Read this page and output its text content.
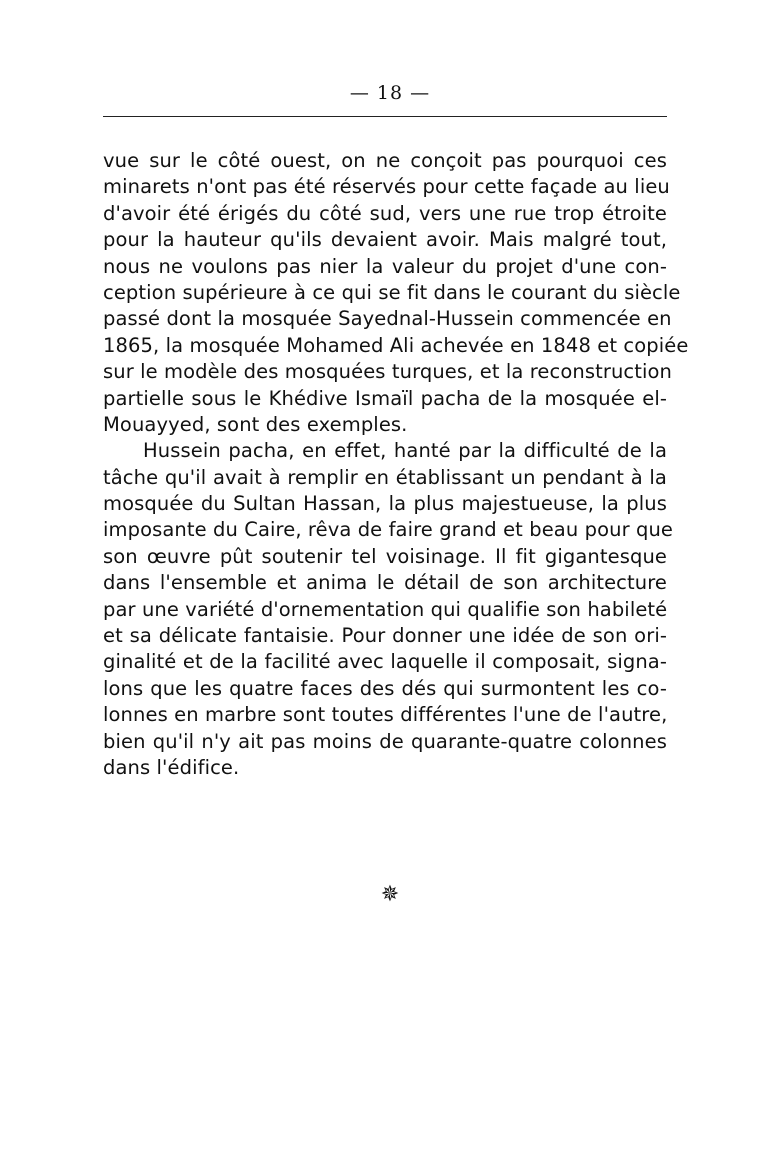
— 18 —

vue sur le côté ouest, on ne conçoit pas pourquoi ces
minarets n'ont pas été réservés pour cette façade au lieu
d'avoir été érigés du côté sud, vers une rue trop étroite
pour la hauteur qu'ils devaient avoir. Mais malgré tout,
nous ne voulons pas nier la valeur du projet d'une con-
ception supérieure à ce qui se fit dans le courant du siècle
passé dont la mosquée Sayednal-Hussein commencée en
1865, la mosquée Mohamed Ali achevée en 1848 et copiée
sur le modèle des mosquées turques, et la reconstruction
partielle sous le Khédive Ismaïl pacha de la mosquée el-
Mouayyed, sont des exemples.

Hussein pacha, en effet, hanté par la difficulté de la
tâche qu'il avait à remplir en établissant un pendant à la
mosquée du Sultan Hassan, la plus majestueuse, la plus
imposante du Caire, rêva de faire grand et beau pour que
son œuvre pût soutenir tel voisinage. Il fit gigantesque
dans l'ensemble et anima le détail de son architecture
par une variété d'ornementation qui qualifie son habileté
et sa délicate fantaisie. Pour donner une idée de son ori-
ginalité et de la facilité avec laquelle il composait, signa-
lons que les quatre faces des dés qui surmontent les co-
lonnes en marbre sont toutes différentes l'une de l'autre,
bien qu'il n'y ait pas moins de quarante-quatre colonnes
dans l'édifice.

✵
